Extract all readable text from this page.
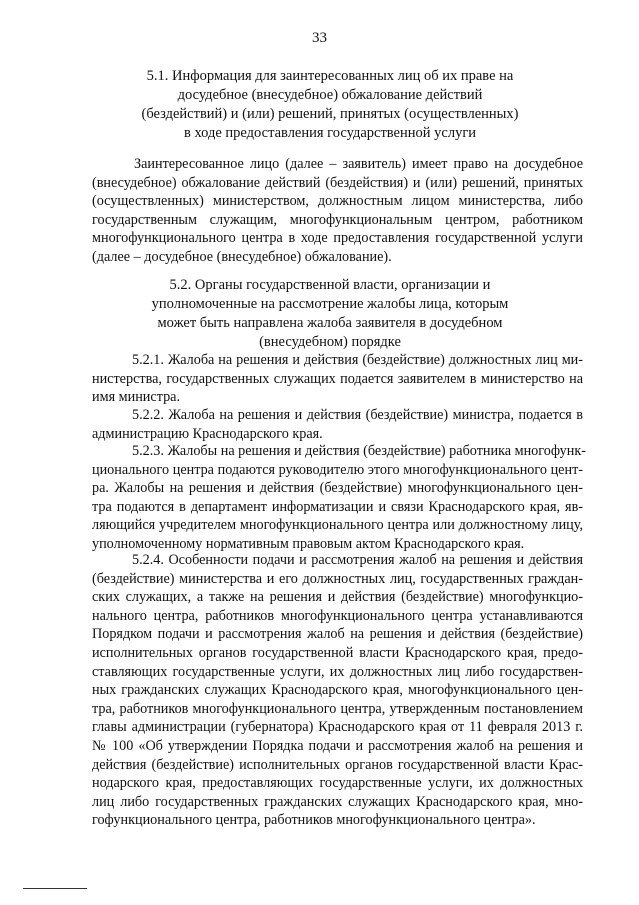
33
5.1. Информация для заинтересованных лиц об их праве на
досудебное (внесудебное) обжалование действий
(бездействий) и (или) решений, принятых (осуществленных)
в ходе предоставления государственной услуги
Заинтересованное лицо (далее – заявитель) имеет право на досудебное
(внесудебное) обжалование действий (бездействия) и (или) решений, принятых
(осуществленных) министерством, должностным лицом министерства, либо
государственным служащим, многофункциональным центром, работником
многофункционального центра в ходе предоставления государственной услуги
(далее – досудебное (внесудебное) обжалование).
5.2. Органы государственной власти, организации и
уполномоченные на рассмотрение жалобы лица, которым
может быть направлена жалоба заявителя в досудебном
(внесудебном) порядке
5.2.1. Жалоба на решения и действия (бездействие) должностных лиц ми-
нистерства, государственных служащих подается заявителем в министерство на
имя министра.
5.2.2. Жалоба на решения и действия (бездействие) министра, подается в
администрацию Краснодарского края.
5.2.3. Жалобы на решения и действия (бездействие) работника многофунк-
ционального центра подаются руководителю этого многофункционального цент-
ра. Жалобы на решения и действия (бездействие) многофункционального цен-
тра подаются в департамент информатизации и связи Краснодарского края, яв-
ляющийся учредителем многофункционального центра или должностному лицу,
уполномоченному нормативным правовым актом Краснодарского края.
5.2.4. Особенности подачи и рассмотрения жалоб на решения и действия
(бездействие) министерства и его должностных лиц, государственных граждан-
ских служащих, а также на решения и действия (бездействие) многофункцио-
нального центра, работников многофункционального центра устанавливаются
Порядком подачи и рассмотрения жалоб на решения и действия (бездействие)
исполнительных органов государственной власти Краснодарского края, предо-
ставляющих государственные услуги, их должностных лиц либо государствен-
ных гражданских служащих Краснодарского края, многофункционального цен-
тра, работников многофункционального центра, утвержденным постановлением
главы администрации (губернатора) Краснодарского края от 11 февраля 2013 г.
№ 100 «Об утверждении Порядка подачи и рассмотрения жалоб на решения и
действия (бездействие) исполнительных органов государственной власти Крас-
нодарского края, предоставляющих государственные услуги, их должностных
лиц либо государственных гражданских служащих Краснодарского края, мно-
гофункционального центра, работников многофункционального центра».
